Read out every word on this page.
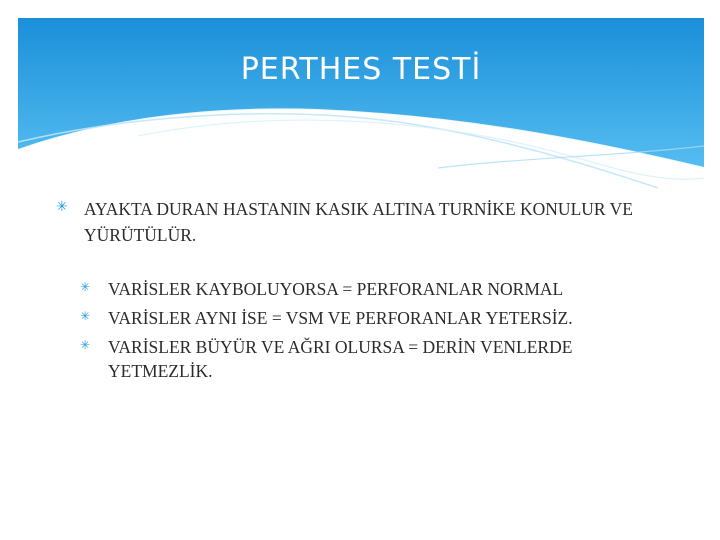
PERTHES TESTİ
✳ AYAKTA DURAN HASTANIN KASIK ALTINA TURNİKE KONULUR VE YÜRÜTÜLÜR.
✳ VARİSLER KAYBOLUYORSA = PERFORANLAR NORMAL
✳ VARİSLER AYNI İSE = VSM VE PERFORANLAR YETERSİZ.
✳ VARİSLER BÜYÜR VE AĞRI OLURSA = DERİN VENLERDE YETMEZLİK.
